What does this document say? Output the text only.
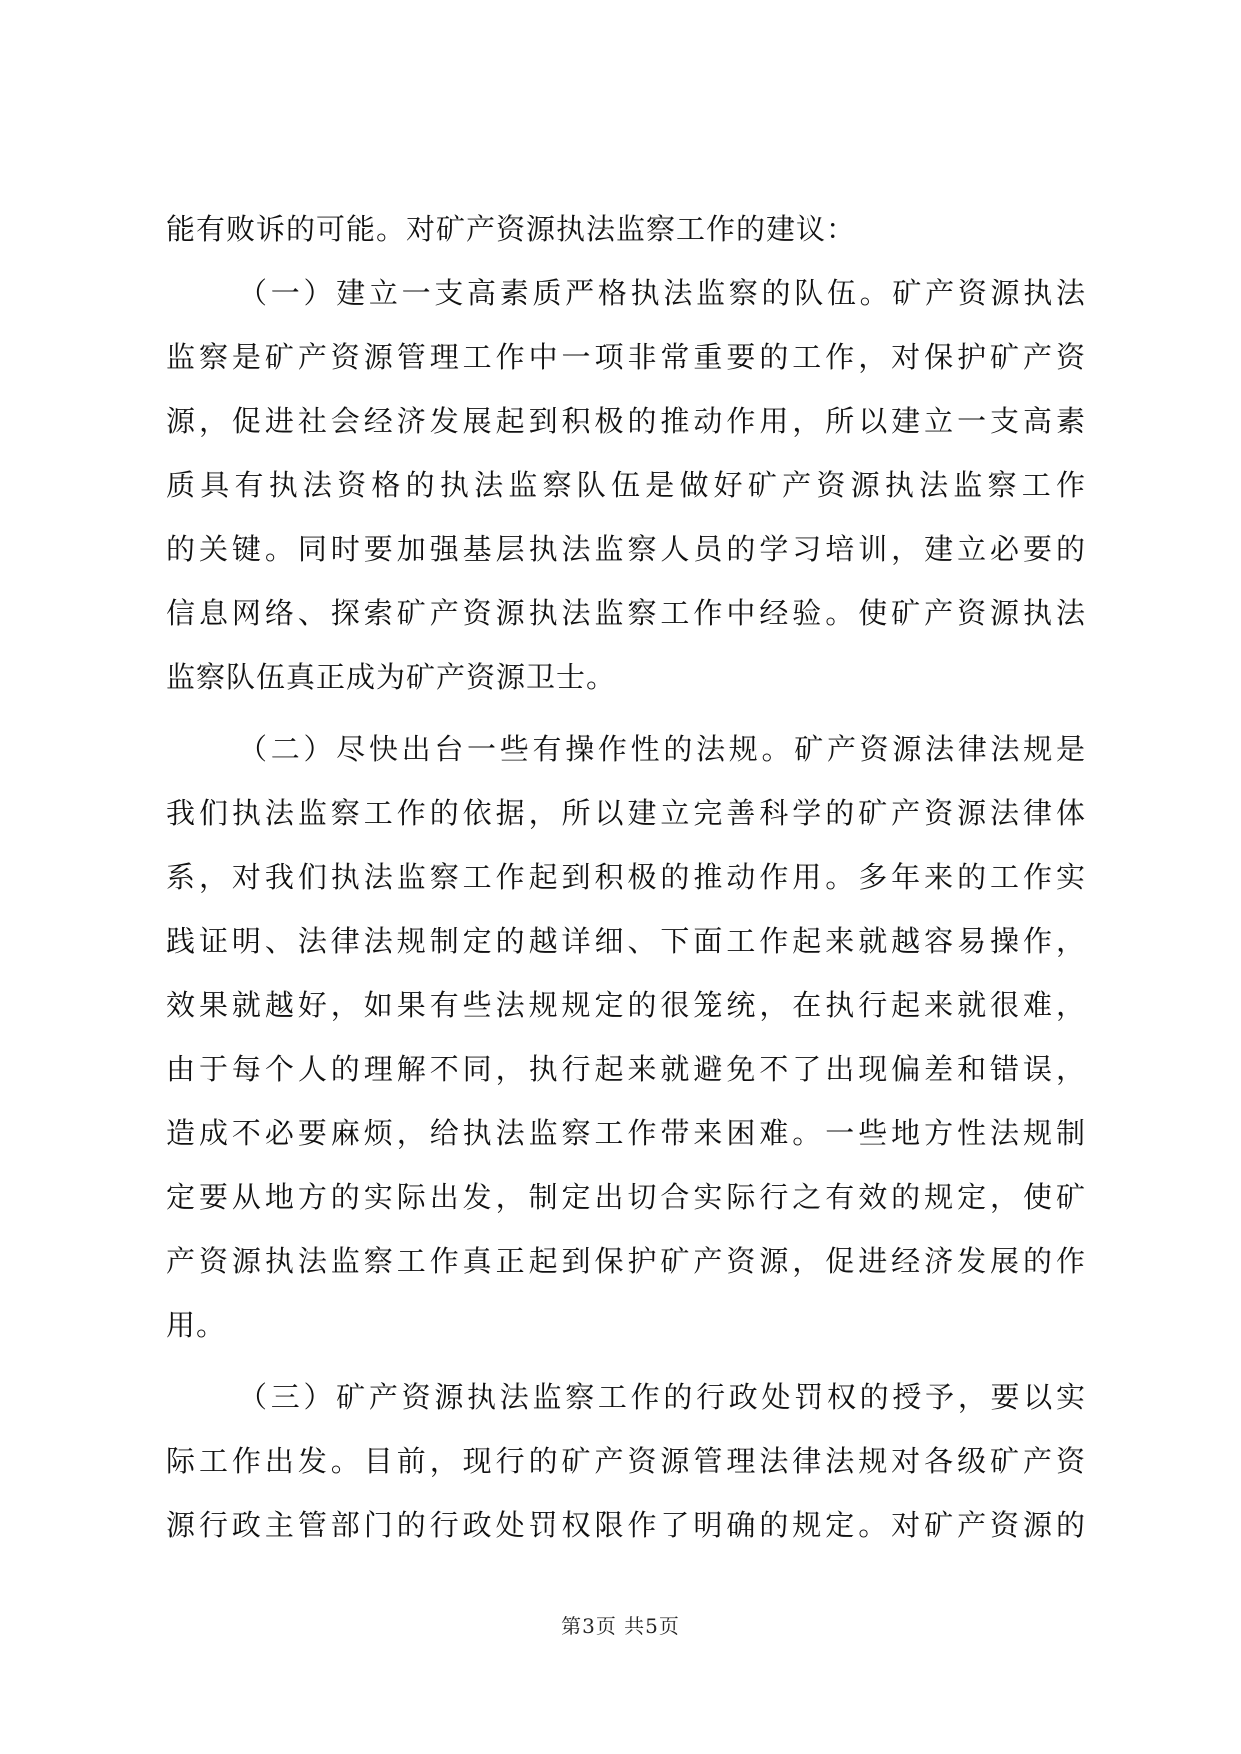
能有败诉的可能。对矿产资源执法监察工作的建议：
（一）建立一支高素质严格执法监察的队伍。矿产资源执法
监察是矿产资源管理工作中一项非常重要的工作，对保护矿产资
源，促进社会经济发展起到积极的推动作用，所以建立一支高素
质具有执法资格的执法监察队伍是做好矿产资源执法监察工作
的关键。同时要加强基层执法监察人员的学习培训，建立必要的
信息网络、探索矿产资源执法监察工作中经验。使矿产资源执法
监察队伍真正成为矿产资源卫士。
（二）尽快出台一些有操作性的法规。矿产资源法律法规是
我们执法监察工作的依据，所以建立完善科学的矿产资源法律体
系，对我们执法监察工作起到积极的推动作用。多年来的工作实
践证明、法律法规制定的越详细、下面工作起来就越容易操作，
效果就越好，如果有些法规规定的很笼统，在执行起来就很难，
由于每个人的理解不同，执行起来就避免不了出现偏差和错误，
造成不必要麻烦，给执法监察工作带来困难。一些地方性法规制
定要从地方的实际出发，制定出切合实际行之有效的规定，使矿
产资源执法监察工作真正起到保护矿产资源，促进经济发展的作
用。
（三）矿产资源执法监察工作的行政处罚权的授予，要以实
际工作出发。目前，现行的矿产资源管理法律法规对各级矿产资
源行政主管部门的行政处罚权限作了明确的规定。对矿产资源的
第3页 共5页
